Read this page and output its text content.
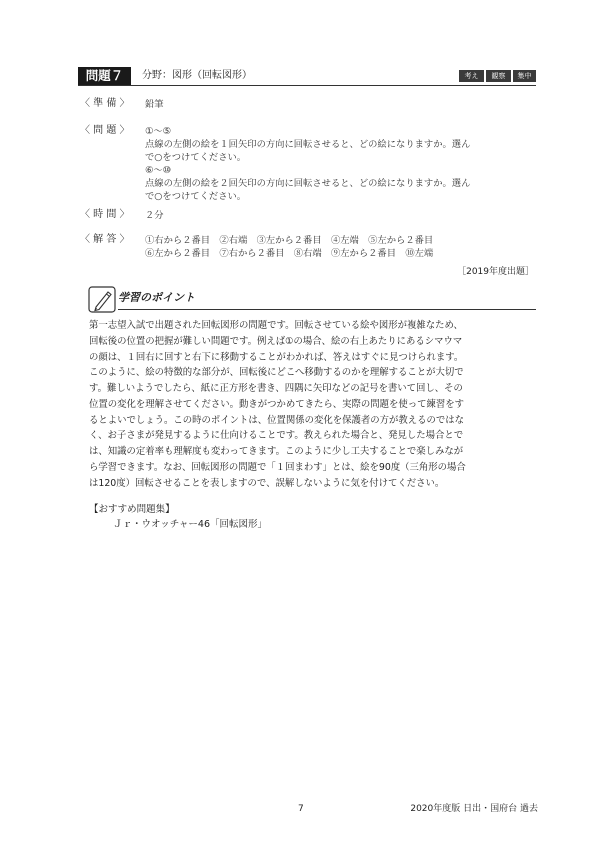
問題７	分野：図形（回転図形）	考え	観察	集中
〈 準 備 〉 鉛筆
〈 問 題 〉 ①～⑤
点線の左側の絵を１回矢印の方向に回転させると、どの絵になりますか。選ん
で○をつけてください。
⑥～⑩
点線の左側の絵を２回矢印の方向に回転させると、どの絵になりますか。選ん
で○をつけてください。
〈 時 間 〉 ２分
〈 解 答 〉 ①右から２番目　②右端　③左から２番目　④左端　⑤左から２番目
⑥左から２番目　⑦右から２番目　⑧右端　⑨左から２番目　⑩左端
［2019年度出題］
学習のポイント
第一志望入試で出題された回転図形の問題です。回転させている絵や図形が複雑なため、
回転後の位置の把握が難しい問題です。例えば①の場合、絵の右上あたりにあるシマウマ
の顔は、１回右に回すと右下に移動することがわかれば、答えはすぐに見つけられます。
このように、絵の特徴的な部分が、回転後にどこへ移動するのかを理解することが大切で
す。難しいようでしたら、紙に正方形を書き、四隅に矢印などの記号を書いて回し、その
位置の変化を理解させてください。動きがつかめてきたら、実際の問題を使って練習をす
るとよいでしょう。この時のポイントは、位置関係の変化を保護者の方が教えるのではな
く、お子さまが発見するように仕向けることです。教えられた場合と、発見した場合とで
は、知識の定着率も理解度も変わってきます。このように少し工夫することで楽しみなが
ら学習できます。なお、回転図形の問題で「１回まわす」とは、絵を90度（三角形の場合
は120度）回転させることを表しますので、誤解しないように気を付けてください。
【おすすめ問題集】
Ｊｒ・ウオッチャー46「回転図形」
7	2020年度版 日出・国府台 過去
